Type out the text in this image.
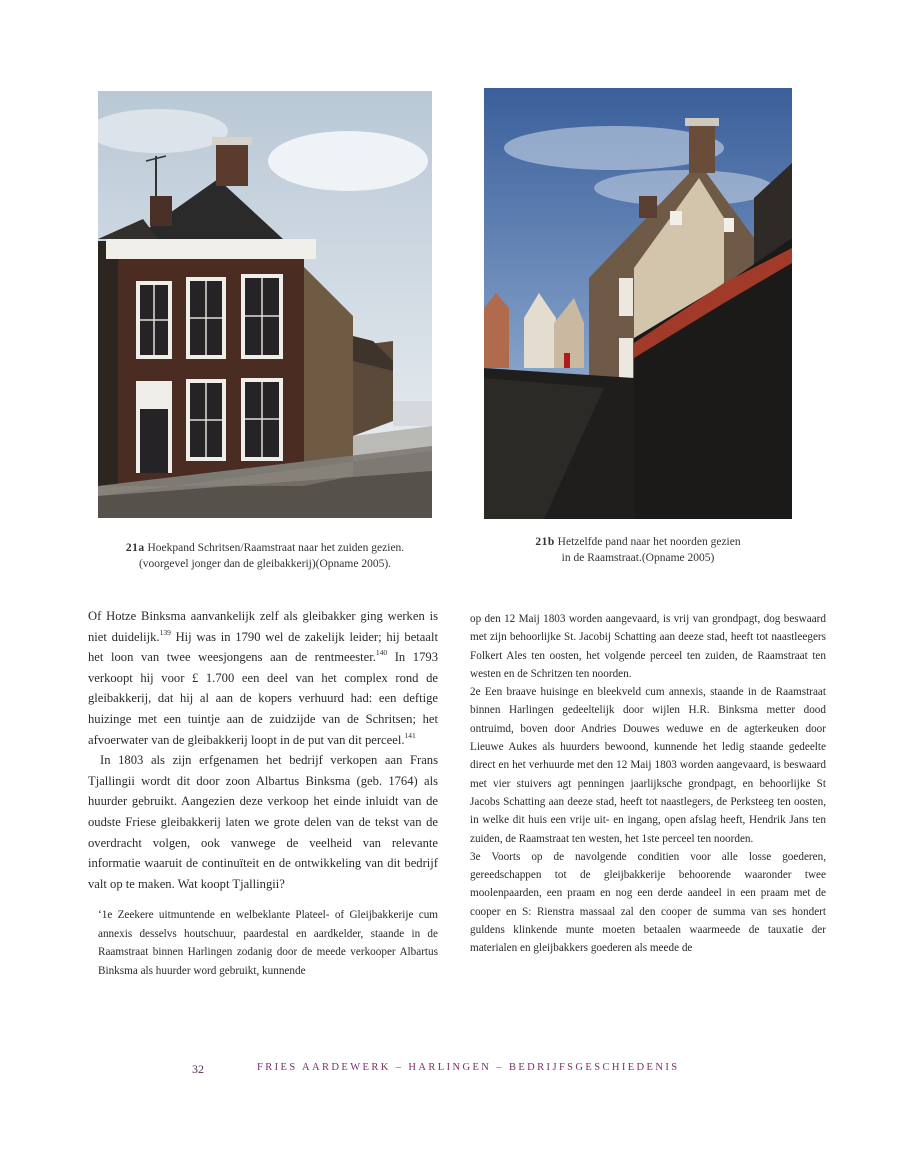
21a Hoekpand Schritsen/Raamstraat naar het zuiden gezien.
(voorgevel jonger dan de gleibakkerij)(Opname 2005).
21b Hetzelfde pand naar het noorden gezien
in de Raamstraat.(Opname 2005)

Of Hotze Binksma aanvankelijk zelf als gleibakker ging werken is niet duidelijk.$^{139}$ Hij was in 1790 wel de zakelijk leider; hij betaalt het loon van twee weesjongens aan de rentmeester.$^{140}$ In 1793 verkoopt hij voor £ 1.700 een deel van het complex rond de gleibakkerij, dat hij al aan de kopers verhuurd had: een deftige huizinge met een tuintje aan de zuidzijde van de Schritsen; het afvoerwater van de gleibakkerij loopt in de put van dit perceel.$^{141}$

In 1803 als zijn erfgenamen het bedrijf verkopen aan Frans Tjallingii wordt dit door zoon Albartus Binksma (geb. 1764) als huurder gebruikt. Aangezien deze verkoop het einde inluidt van de oudste Friese gleibakkerij laten we grote delen van de tekst van de overdracht volgen, ook vanwege de veelheid van relevante informatie waaruit de continuïteit en de ontwikkeling van dit bedrijf valt op te maken. Wat koopt Tjallingii?

‘1e Zeekere uitmuntende en welbeklante Plateel- of Gleijbakkerije cum annexis desselvs houtschuur, paardestal en aardkelder, staande in de Raamstraat binnen Harlingen zodanig door de meede verkooper Albartus Binksma als huurder word gebruikt, kunnende

op den 12 Maij 1803 worden aangevaard, is vrij van grondpagt, dog beswaard met zijn behoorlijke St. Jacobij Schatting aan deeze stad, heeft tot naastleegers Folkert Ales ten oosten, het volgende perceel ten zuiden, de Raamstraat ten westen en de Schritzen ten noorden.

2e Een braave huisinge en bleekveld cum annexis, staande in de Raamstraat binnen Harlingen gedeeltelijk door wijlen H.R. Binksma metter dood ontruimd, boven door Andries Douwes weduwe en de agterkeuken door Lieuwe Aukes als huurders bewoond, kunnende het ledig staande gedeelte direct en het verhuurde met den 12 Maij 1803 worden aangevaard, is beswaard met vier stuivers agt penningen jaarlijksche grondpagt, en behoorlijke St Jacobs Schatting aan deeze stad, heeft tot naastlegers, de Perksteeg ten oosten, in welke dit huis een vrije uit- en ingang, open afslag heeft, Hendrik Jans ten zuiden, de Raamstraat ten westen, het 1ste perceel ten noorden.

3e Voorts op de navolgende conditien voor alle losse goederen, gereedschappen tot de gleijbakkerije behoorende waaronder twee moolenpaarden, een praam en nog een derde aandeel in een praam met de cooper en S: Rienstra massaal zal den cooper de summa van ses hondert guldens klinkende munte moeten betaalen waarmeede de tauxatie der materialen en gleijbakkers goederen als meede de

32	FRIES AARDEWERK – HARLINGEN – BEDRIJFSGESCHIEDENIS
